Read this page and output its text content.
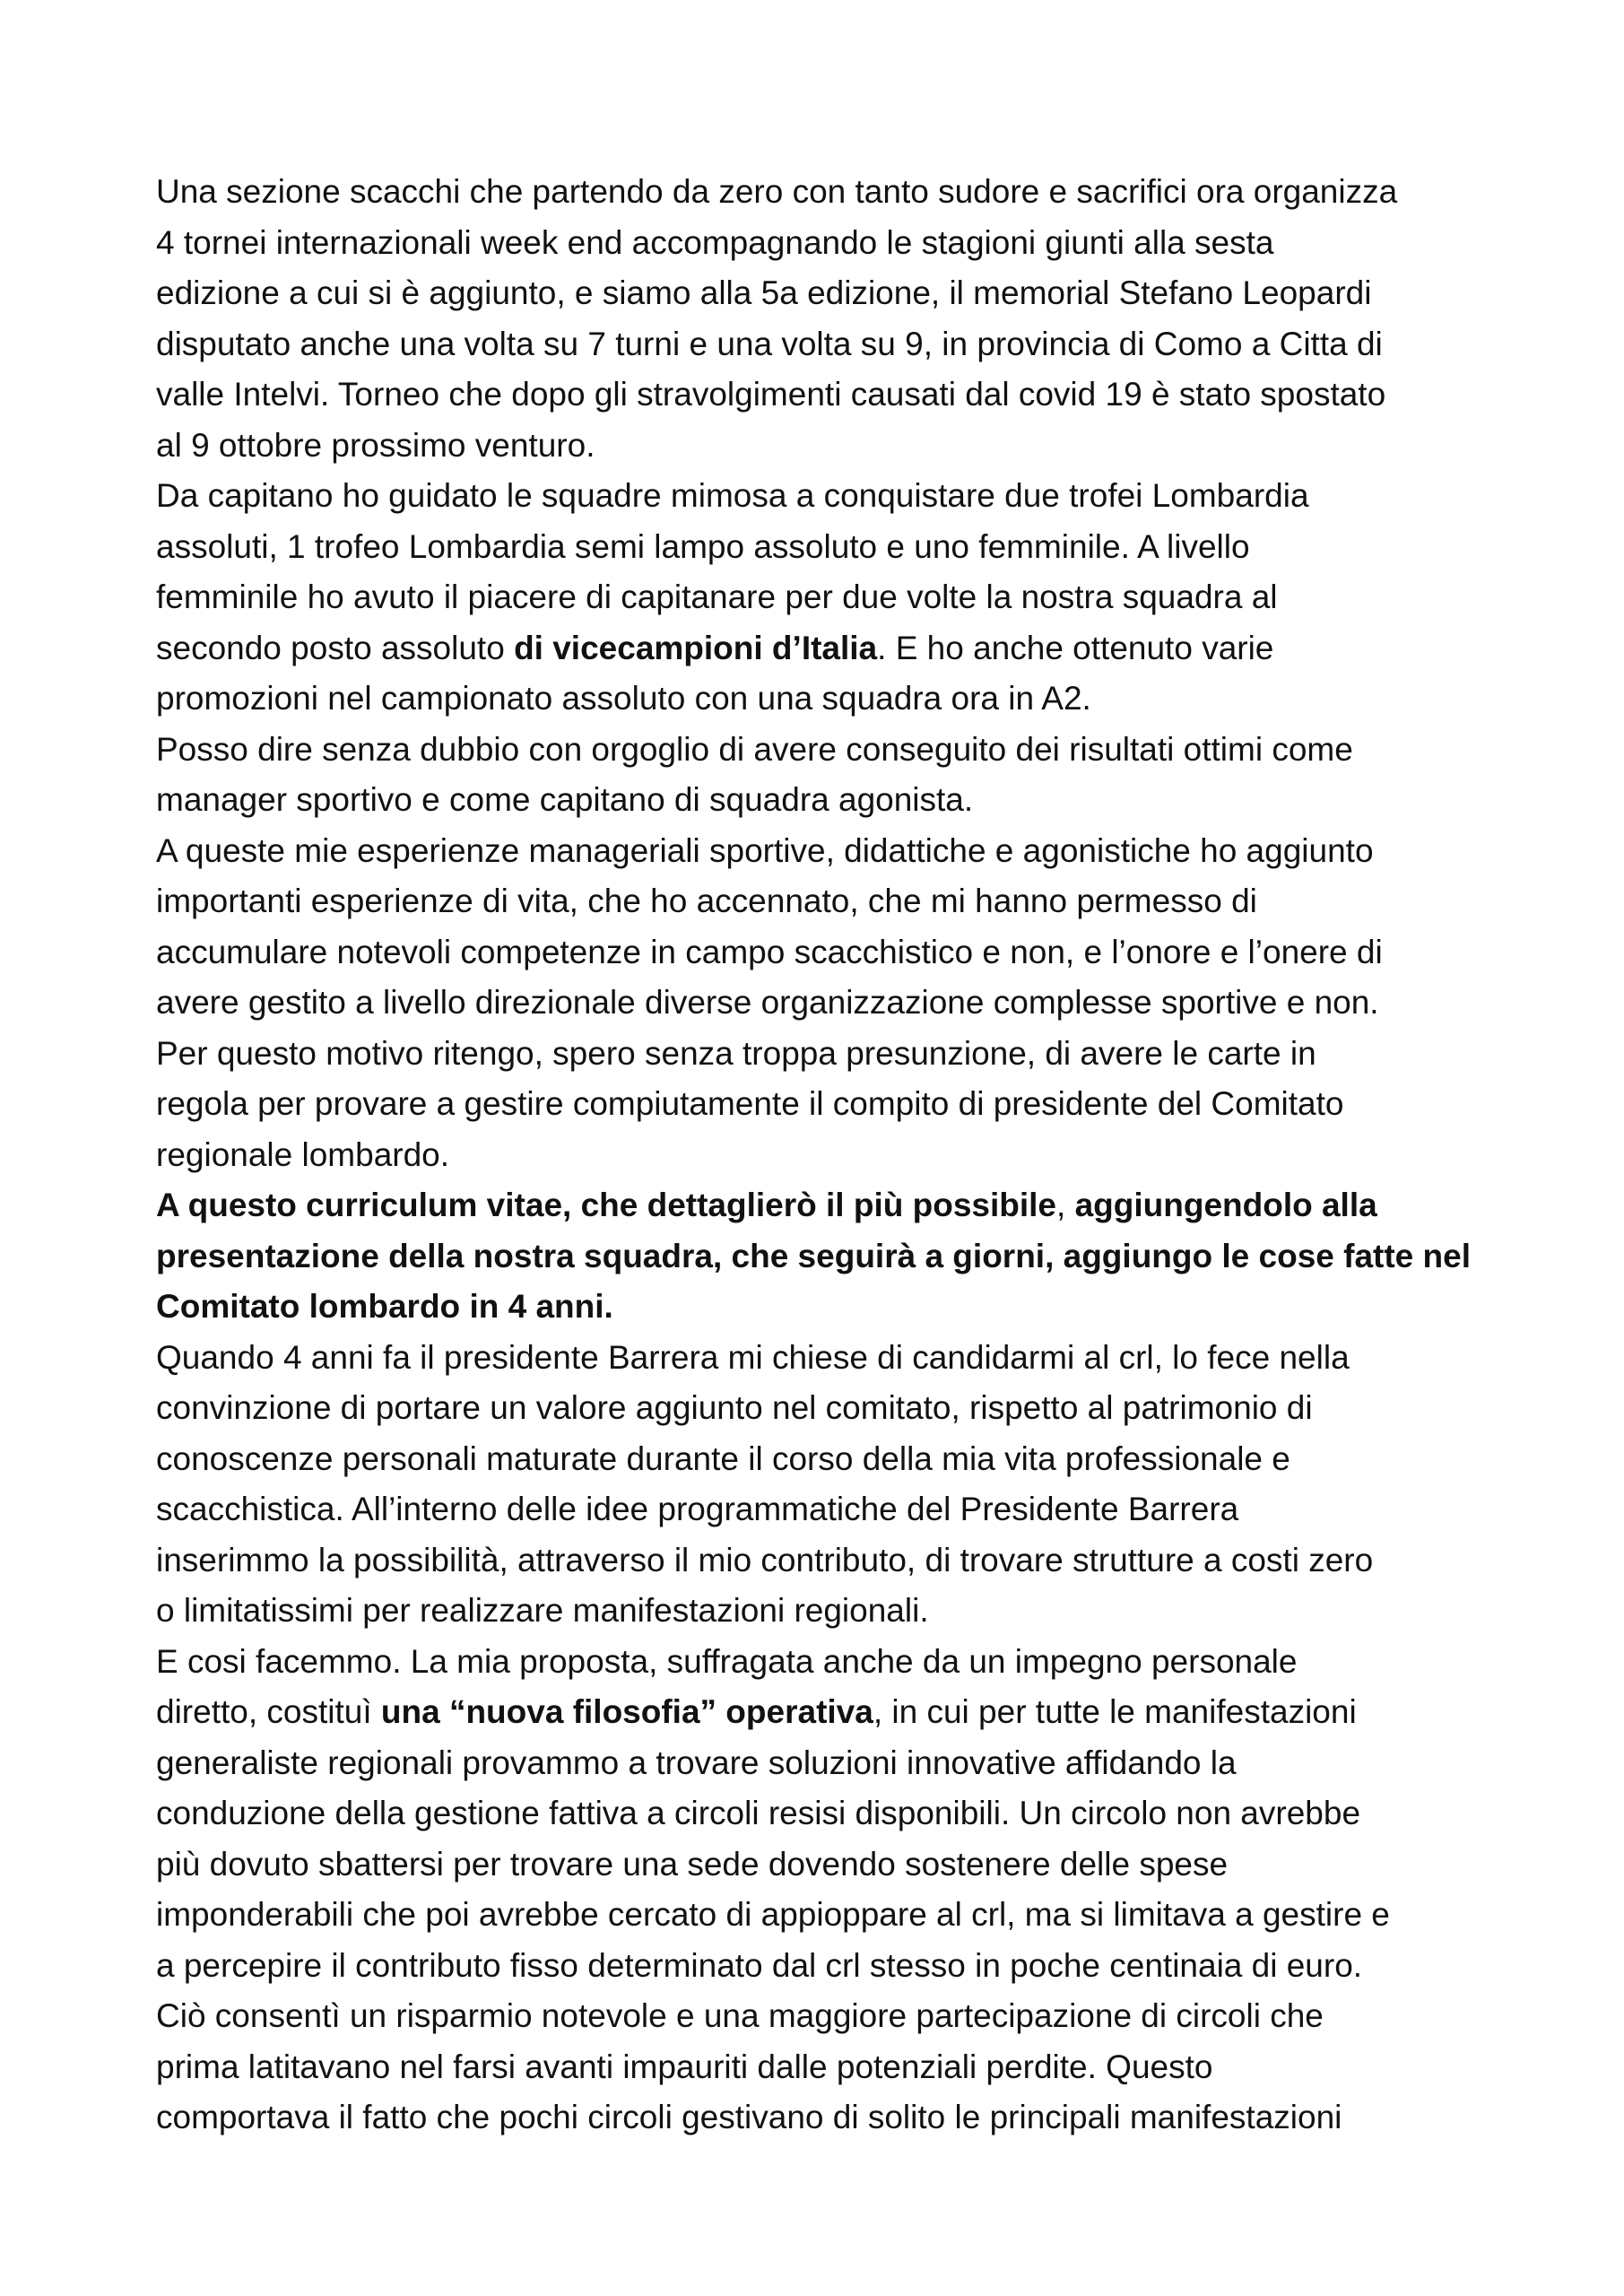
Una sezione scacchi che partendo da zero con tanto sudore e sacrifici ora organizza
4 tornei internazionali week end accompagnando le stagioni giunti alla sesta
edizione a cui si è aggiunto, e siamo alla 5a edizione, il memorial Stefano Leopardi
disputato anche una volta su 7 turni e una volta su 9, in provincia di Como a Citta di
valle Intelvi. Torneo che dopo gli stravolgimenti causati dal covid 19 è stato spostato
al 9 ottobre prossimo venturo.
Da capitano ho guidato le squadre mimosa a conquistare due trofei Lombardia
assoluti, 1 trofeo Lombardia semi lampo assoluto e uno femminile. A livello
femminile ho avuto il piacere di capitanare per due volte la nostra squadra al
secondo posto assoluto di vicecampioni d’Italia. E ho anche ottenuto varie
promozioni nel campionato assoluto con una squadra ora in A2.
Posso dire senza dubbio con orgoglio di avere conseguito dei risultati ottimi come
manager sportivo e come capitano di squadra agonista.
A queste mie esperienze manageriali sportive, didattiche e agonistiche ho aggiunto
importanti esperienze di vita, che ho accennato, che mi hanno permesso di
accumulare notevoli competenze in campo scacchistico e non, e l’onore e l’onere di
avere gestito a livello direzionale diverse organizzazione complesse sportive e non.
Per questo motivo ritengo, spero senza troppa presunzione, di avere le carte in
regola per provare a gestire compiutamente il compito di presidente del Comitato
regionale lombardo.
A questo curriculum vitae, che dettaglierò il più possibile, aggiungendolo alla
presentazione della nostra squadra, che seguirà a giorni, aggiungo le cose fatte nel
Comitato lombardo in 4 anni.
Quando 4 anni fa il presidente Barrera mi chiese di candidarmi al crl, lo fece nella
convinzione di portare un valore aggiunto nel comitato, rispetto al patrimonio di
conoscenze personali maturate durante il corso della mia vita professionale e
scacchistica. All’interno delle idee programmatiche del Presidente Barrera
inserimmo la possibilità, attraverso il mio contributo, di trovare strutture a costi zero
o limitatissimi per realizzare manifestazioni regionali.
E cosi facemmo. La mia proposta, suffragata anche da un impegno personale
diretto, costituì una “nuova filosofia” operativa, in cui per tutte le manifestazioni
generaliste regionali provammo a trovare soluzioni innovative affidando la
conduzione della gestione fattiva a circoli resisi disponibili. Un circolo non avrebbe
più dovuto sbattersi per trovare una sede dovendo sostenere delle spese
imponderabili che poi avrebbe cercato di appioppare al crl, ma si limitava a gestire e
a percepire il contributo fisso determinato dal crl stesso in poche centinaia di euro.
Ciò consentì un risparmio notevole e una maggiore partecipazione di circoli che
prima latitavano nel farsi avanti impauriti dalle potenziali perdite. Questo
comportava il fatto che pochi circoli gestivano di solito le principali manifestazioni
